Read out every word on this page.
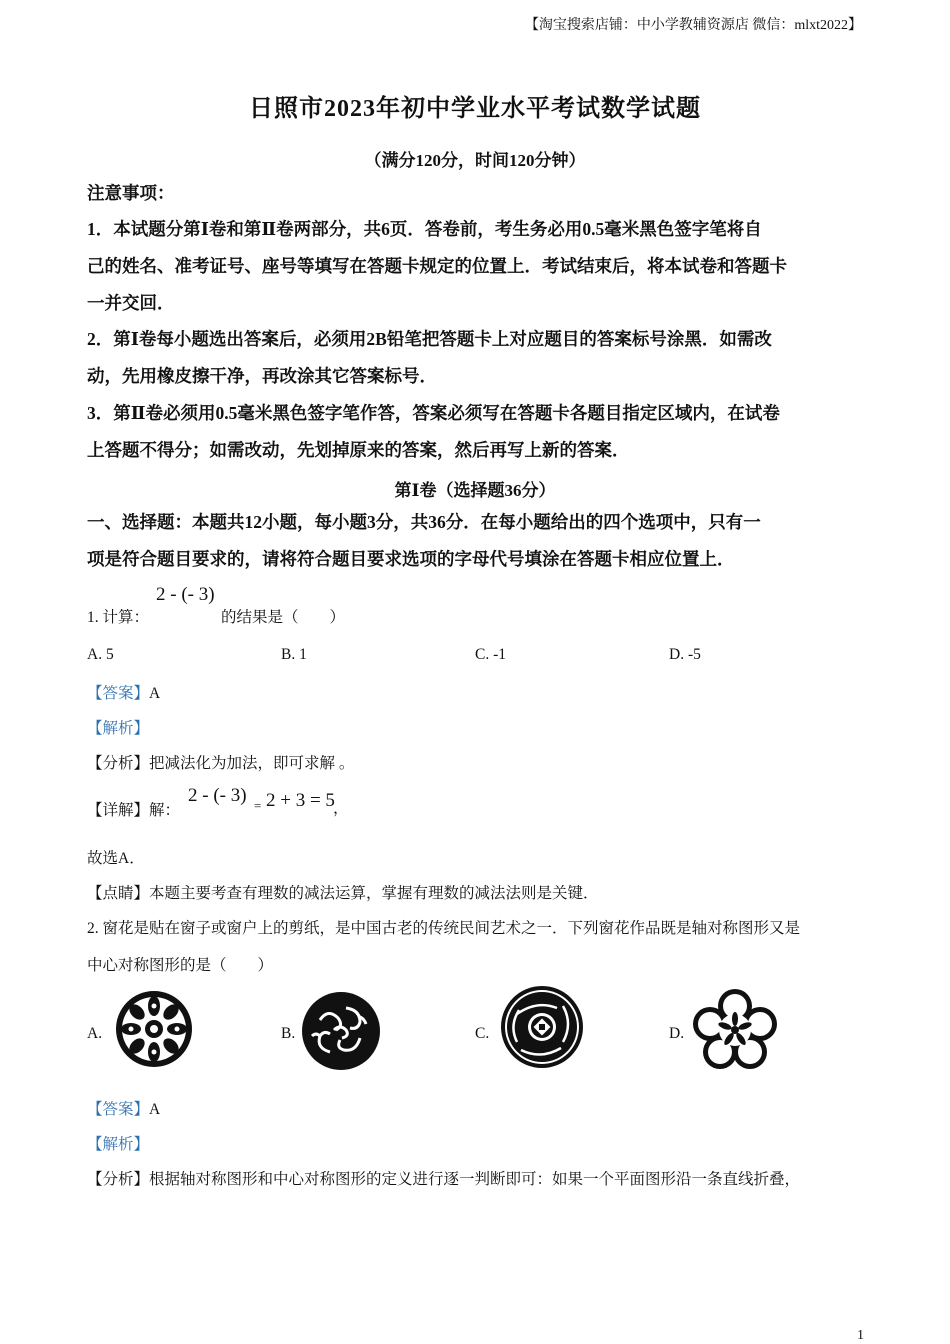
【淘宝搜索店铺：中小学教辅资源店 微信：mlxt2022】
日照市2023年初中学业水平考试数学试题
（满分120分，时间120分钟）
注意事项：
1．本试题分第Ⅰ卷和第Ⅱ卷两部分，共6页．答卷前，考生务必用0.5毫米黑色签字笔将自
己的姓名、准考证号、座号等填写在答题卡规定的位置上．考试结束后，将本试卷和答题卡
一并交回．
2．第Ⅰ卷每小题选出答案后，必须用2B铅笔把答题卡上对应题目的答案标号涂黑．如需改
动，先用橡皮擦干净，再改涂其它答案标号．
3．第Ⅱ卷必须用0.5毫米黑色签字笔作答，答案必须写在答题卡各题目指定区域内，在试卷
上答题不得分；如需改动，先划掉原来的答案，然后再写上新的答案．
第Ⅰ卷（选择题36分）
一、选择题：本题共12小题，每小题3分，共36分．在每小题给出的四个选项中，只有一
项是符合题目要求的，请将符合题目要求选项的字母代号填涂在答题卡相应位置上．
1. 计算：
2 - (- 3)
的结果是（　　）
A. 5	B. 1	C. -1	D. -5
【答案】A
【解析】
【分析】把减法化为加法，即可求解 。
【详解】解：
2 - (- 3) = 2 + 3 = 5
，
故选A．
【点睛】本题主要考查有理数的减法运算，掌握有理数的减法法则是关键．
2. 窗花是贴在窗子或窗户上的剪纸，是中国古老的传统民间艺术之一．下列窗花作品既是轴对称图形又是
中心对称图形的是（　　）
A.	B.	C.	D.
【答案】A
【解析】
【分析】根据轴对称图形和中心对称图形的定义进行逐一判断即可：如果一个平面图形沿一条直线折叠，
1
